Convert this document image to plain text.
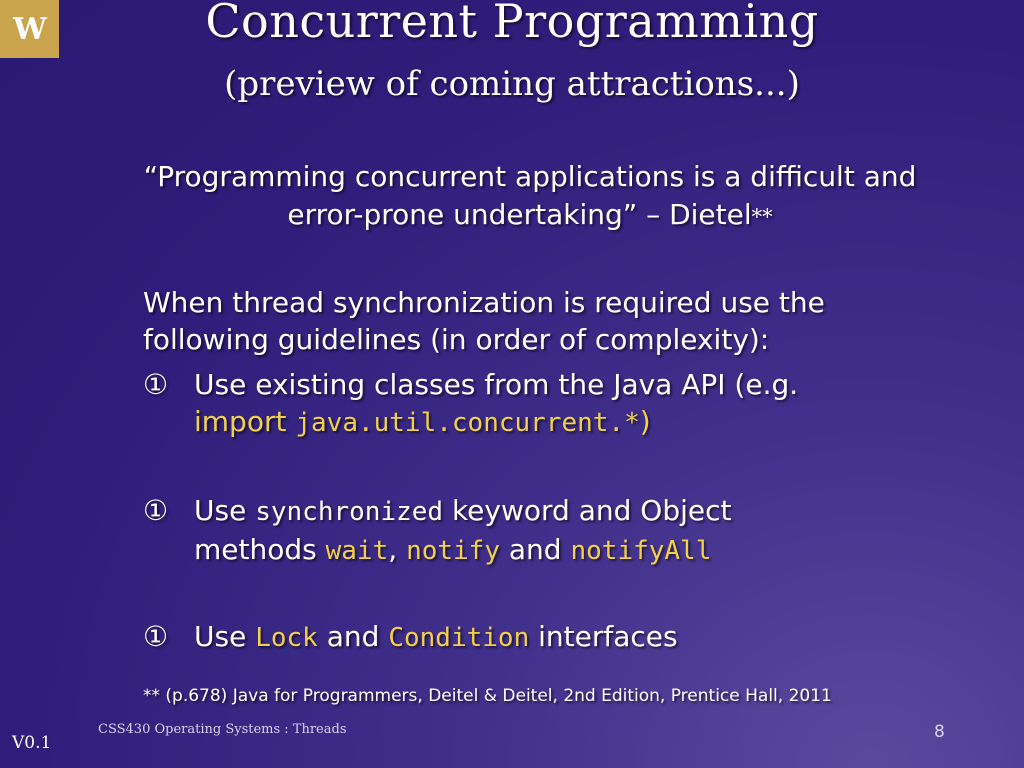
W	Concurrent Programming
(preview of coming attractions...)
“Programming concurrent applications is a difficult and error-prone undertaking” – Dietel**
When thread synchronization is required use the following guidelines (in order of complexity):
① Use existing classes from the Java API (e.g.
import java.util.concurrent.*)
① Use synchronized keyword and Object
methods wait, notify and notifyAll
① Use Lock and Condition interfaces
** (p.678) Java for Programmers, Deitel & Deitel, 2nd Edition, Prentice Hall, 2011
CSS430 Operating Systems : Threads	8
V0.1
